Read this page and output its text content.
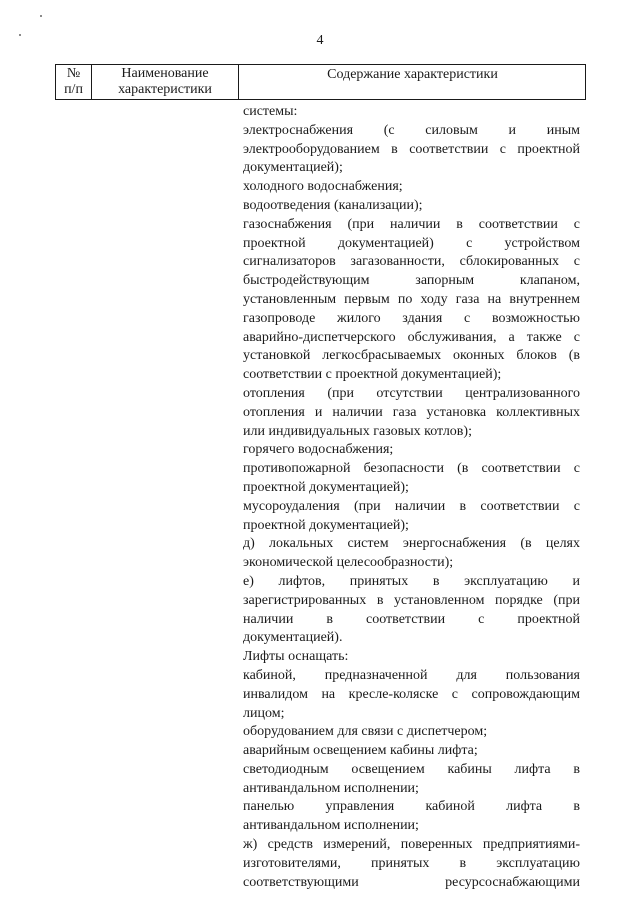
4
№
п/п
Наименование
характеристики
Содержание характеристики
системы:
электроснабжения (с силовым и иным
электрооборудованием в соответствии с проектной
документацией);
холодного водоснабжения;
водоотведения (канализации);
газоснабжения (при наличии в соответствии с
проектной документацией) с устройством
сигнализаторов загазованности, сблокированных с
быстродействующим запорным клапаном,
установленным первым по ходу газа на внутреннем
газопроводе жилого здания с возможностью
аварийно-диспетчерского обслуживания, а также с
установкой легкосбрасываемых оконных блоков (в
соответствии с проектной документацией);
отопления (при отсутствии централизованного
отопления и наличии газа установка коллективных
или индивидуальных газовых котлов);
горячего водоснабжения;
противопожарной безопасности (в соответствии с
проектной документацией);
мусороудаления (при наличии в соответствии с
проектной документацией);
д) локальных систем энергоснабжения (в целях
экономической целесообразности);
е) лифтов, принятых в эксплуатацию и
зарегистрированных в установленном порядке (при
наличии в соответствии с проектной
документацией).
Лифты оснащать:
кабиной, предназначенной для пользования
инвалидом на кресле-коляске с сопровождающим
лицом;
оборудованием для связи с диспетчером;
аварийным освещением кабины лифта;
светодиодным освещением кабины лифта в
антивандальном исполнении;
панелью управления кабиной лифта в
антивандальном исполнении;
ж) средств измерений, поверенных предприятиями-
изготовителями, принятых в эксплуатацию
соответствующими ресурсоснабжающими
